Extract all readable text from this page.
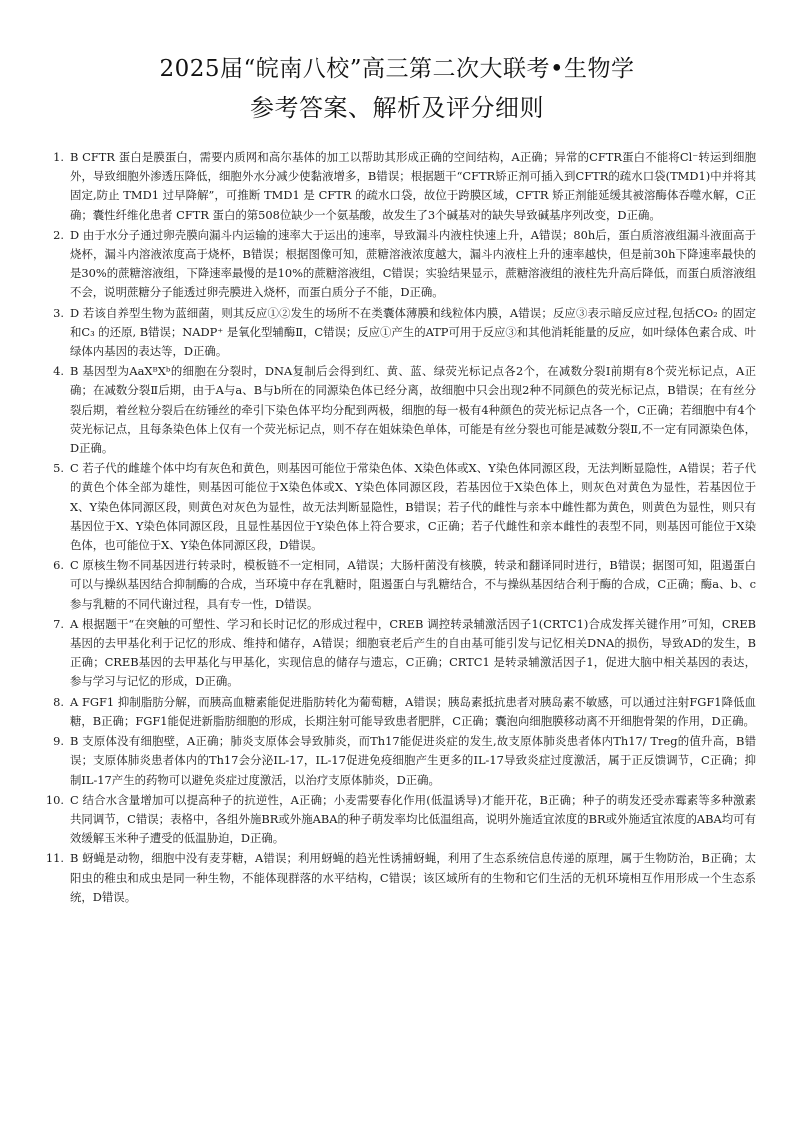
2025届“皖南八校”高三第二次大联考•生物学
参考答案、解析及评分细则
1. B CFTR 蛋白是膜蛋白，需要内质网和高尔基体的加工以帮助其形成正确的空间结构，A正确；异常的CFTR蛋白不能将Cl⁻转运到细胞外，导致细胞外渗透压降低，细胞外水分减少使黏液增多，B错误；根据题干“CFTR矫正剂可插入到CFTR的疏水口袋(TMD1)中并将其固定,防止 TMD1 过早降解”，可推断 TMD1 是 CFTR 的疏水口袋，故位于跨膜区域，CFTR 矫正剂能延缓其被溶酶体吞噬水解，C正确；囊性纤维化患者 CFTR 蛋白的第508位缺少一个氨基酸，故发生了3个碱基对的缺失导致碱基序列改变，D正确。
2. D 由于水分子通过卵壳膜向漏斗内运输的速率大于运出的速率，导致漏斗内液柱快速上升，A错误；80h后，蛋白质溶液组漏斗液面高于烧杯，漏斗内溶液浓度高于烧杯，B错误；根据图像可知，蔗糖溶液浓度越大，漏斗内液柱上升的速率越快，但是前30h下降速率最快的是30%的蔗糖溶液组，下降速率最慢的是10%的蔗糖溶液组，C错误；实验结果显示，蔗糖溶液组的液柱先升高后降低，而蛋白质溶液组不会，说明蔗糖分子能透过卵壳膜进入烧杯，而蛋白质分子不能，D正确。
3. D 若该自养型生物为蓝细菌，则其反应①②发生的场所不在类囊体薄膜和线粒体内膜，A错误；反应③表示暗反应过程,包括CO₂ 的固定和C₃ 的还原, B错误；NADP⁺ 是氧化型辅酶Ⅱ，C错误；反应①产生的ATP可用于反应③和其他消耗能量的反应，如叶绿体色素合成、叶绿体内基因的表达等，D正确。
4. B 基因型为AaXᴮXᵇ的细胞在分裂时，DNA复制后会得到红、黄、蓝、绿荧光标记点各2个，在减数分裂Ⅰ前期有8个荧光标记点，A正确；在减数分裂Ⅱ后期，由于A与a、B与b所在的同源染色体已经分离，故细胞中只会出现2种不同颜色的荧光标记点，B错误；在有丝分裂后期，着丝粒分裂后在纺锤丝的牵引下染色体平均分配到两极，细胞的每一极有4种颜色的荧光标记点各一个，C正确；若细胞中有4个荧光标记点，且每条染色体上仅有一个荧光标记点，则不存在姐妹染色单体，可能是有丝分裂也可能是减数分裂Ⅱ,不一定有同源染色体，D正确。
5. C 若子代的雌雄个体中均有灰色和黄色，则基因可能位于常染色体、X染色体或X、Y染色体同源区段，无法判断显隐性，A错误；若子代的黄色个体全部为雄性，则基因可能位于X染色体或X、Y染色体同源区段，若基因位于X染色体上，则灰色对黄色为显性，若基因位于X、Y染色体同源区段，则黄色对灰色为显性，故无法判断显隐性，B错误；若子代的雌性与亲本中雌性都为黄色，则黄色为显性，则只有基因位于X、Y染色体同源区段，且显性基因位于Y染色体上符合要求，C正确；若子代雌性和亲本雌性的表型不同，则基因可能位于X染色体，也可能位于X、Y染色体同源区段，D错误。
6. C 原核生物不同基因进行转录时，模板链不一定相同，A错误；大肠杆菌没有核膜，转录和翻译同时进行，B错误；据图可知，阻遏蛋白可以与操纵基因结合抑制酶的合成，当环境中存在乳糖时，阻遏蛋白与乳糖结合，不与操纵基因结合利于酶的合成，C正确；酶a、b、c参与乳糖的不同代谢过程，具有专一性，D错误。
7. A 根据题干“在突触的可塑性、学习和长时记忆的形成过程中，CREB 调控转录辅激活因子1(CRTC1)合成发挥关键作用”可知，CREB基因的去甲基化利于记忆的形成、维持和储存，A错误；细胞衰老后产生的自由基可能引发与记忆相关DNA的损伤，导致AD的发生，B正确；CREB基因的去甲基化与甲基化，实现信息的储存与遗忘，C正确；CRTC1 是转录辅激活因子1，促进大脑中相关基因的表达，参与学习与记忆的形成，D正确。
8. A FGF1 抑制脂肪分解，而胰高血糖素能促进脂肪转化为葡萄糖，A错误；胰岛素抵抗患者对胰岛素不敏感，可以通过注射FGF1降低血糖，B正确；FGF1能促进新脂肪细胞的形成，长期注射可能导致患者肥胖，C正确；囊泡向细胞膜移动离不开细胞骨架的作用，D正确。
9. B 支原体没有细胞壁，A正确；肺炎支原体会导致肺炎，而Th17能促进炎症的发生,故支原体肺炎患者体内Th17/ Treg的值升高，B错误；支原体肺炎患者体内的Th17会分泌IL-17，IL-17促进免疫细胞产生更多的IL-17导致炎症过度激活，属于正反馈调节，C正确；抑制IL-17产生的药物可以避免炎症过度激活，以治疗支原体肺炎，D正确。
10. C 结合水含量增加可以提高种子的抗逆性，A正确；小麦需要春化作用(低温诱导)才能开花，B正确；种子的萌发还受赤霉素等多种激素共同调节，C错误；表格中，各组外施BR或外施ABA的种子萌发率均比低温组高，说明外施适宜浓度的BR或外施适宜浓度的ABA均可有效缓解玉米种子遭受的低温胁迫，D正确。
11. B 蚜蝇是动物，细胞中没有麦芽糖，A错误；利用蚜蝇的趋光性诱捕蚜蝇，利用了生态系统信息传递的原理，属于生物防治，B正确；太阳虫的稚虫和成虫是同一种生物，不能体现群落的水平结构，C错误；该区域所有的生物和它们生活的无机环境相互作用形成一个生态系统，D错误。
